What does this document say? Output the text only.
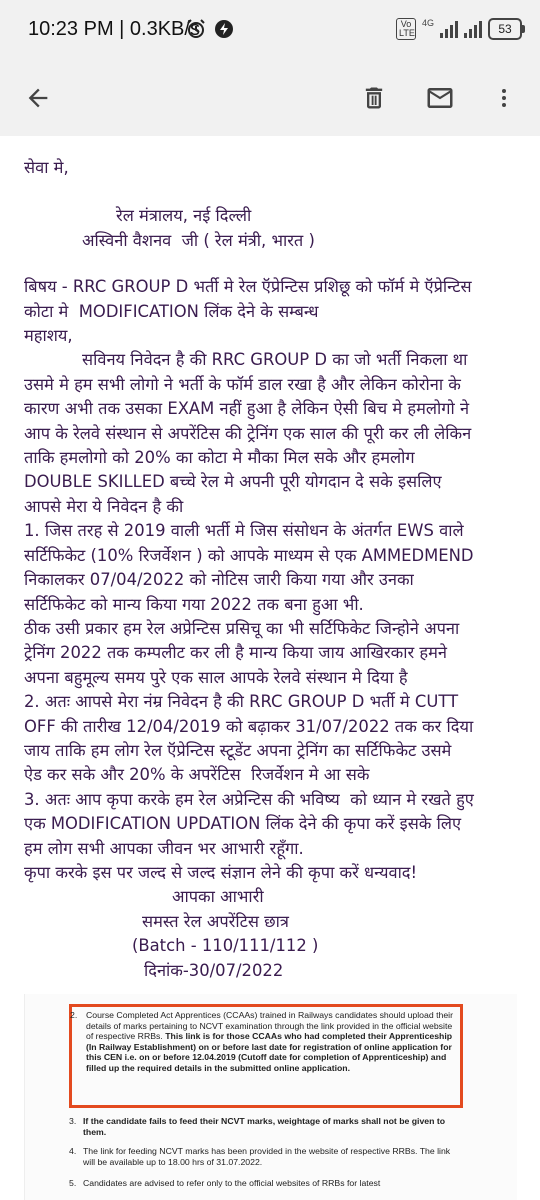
10:23 PM | 0.3KB/s	Vo LTE
4G	53

सेवा मे,

रेल मंत्रालय, नई दिल्ली

अस्विनी वैशनव  जी ( रेल मंत्री, भारत )

बिषय - RRC GROUP D भर्ती मे रेल ऍप्रेन्टिस प्रशिछू को फॉर्म मे ऍप्रेन्टिस

कोटा मे  MODIFICATION लिंक देने के सम्बन्ध

महाशय,

सविनय निवेदन है की RRC GROUP D का जो भर्ती निकला था

उसमे मे हम सभी लोगो ने भर्ती के फॉर्म डाल रखा है और लेकिन कोरोना के

कारण अभी तक उसका EXAM नहीं हुआ है लेकिन ऐसी बिच मे हमलोगो ने

आप के रेलवे संस्थान से अपरेंटिस की ट्रेनिंग एक साल की पूरी कर ली लेकिन

ताकि हमलोगो को 20% का कोटा मे मौका मिल सके और हमलोग

DOUBLE SKILLED बच्चे रेल मे अपनी पूरी योगदान दे सके इसलिए

आपसे मेरा ये निवेदन है की

1. जिस तरह से 2019 वाली भर्ती मे जिस संसोधन के अंतर्गत EWS वाले

सर्टिफिकेट (10% रिजर्वेशन ) को आपके माध्यम से एक AMMEDMEND

निकालकर 07/04/2022 को नोटिस जारी किया गया और उनका

सर्टिफिकेट को मान्य किया गया 2022 तक बना हुआ भी.

ठीक उसी प्रकार हम रेल अप्रेन्टिस प्रसिचू का भी सर्टिफिकेट जिन्होने अपना

ट्रेनिंग 2022 तक कम्पलीट कर ली है मान्य किया जाय आखिरकार हमने

अपना बहुमूल्य समय पुरे एक साल आपके रेलवे संस्थान मे दिया है

2. अतः आपसे मेरा नंम्र निवेदन है की RRC GROUP D भर्ती मे CUTT

OFF की तारीख 12/04/2019 को बढ़ाकर 31/07/2022 तक कर दिया

जाय ताकि हम लोग रेल ऍप्रेन्टिस स्टूडेंट अपना ट्रेनिंग का सर्टिफिकेट उसमे

ऐड कर सके और 20% के अपरेंटिस  रिजर्वेशन मे आ सके

3. अतः आप कृपा करके हम रेल अप्रेन्टिस की भविष्य  को ध्यान मे रखते हुए

एक MODIFICATION UPDATION लिंक देने की कृपा करें इसके लिए

हम लोग सभी आपका जीवन भर आभारी रहूँगा.

कृपा करके इस पर जल्द से जल्द संज्ञान लेने की कृपा करें धन्यवाद!

आपका आभारी

समस्त रेल अपरेंटिस छात्र

(Batch - 110/111/112 )

दिनांक-30/07/2022

2. Course Completed Act Apprentices (CCAAs) trained in Railways candidates should upload their details of marks pertaining to NCVT examination through the link provided in the official website of respective RRBs. This link is for those CCAAs who had completed their Apprenticeship (In Railway Establishment) on or before last date for registration of online application for this CEN i.e. on or before 12.04.2019 (Cutoff date for completion of Apprenticeship) and filled up the required details in the submitted online application.
3. If the candidate fails to feed their NCVT marks, weightage of marks shall not be given to them.
4. The link for feeding NCVT marks has been provided in the website of respective RRBs. The link will be available up to 18.00 hrs of 31.07.2022.
5. Candidates are advised to refer only to the official websites of RRBs for latest
